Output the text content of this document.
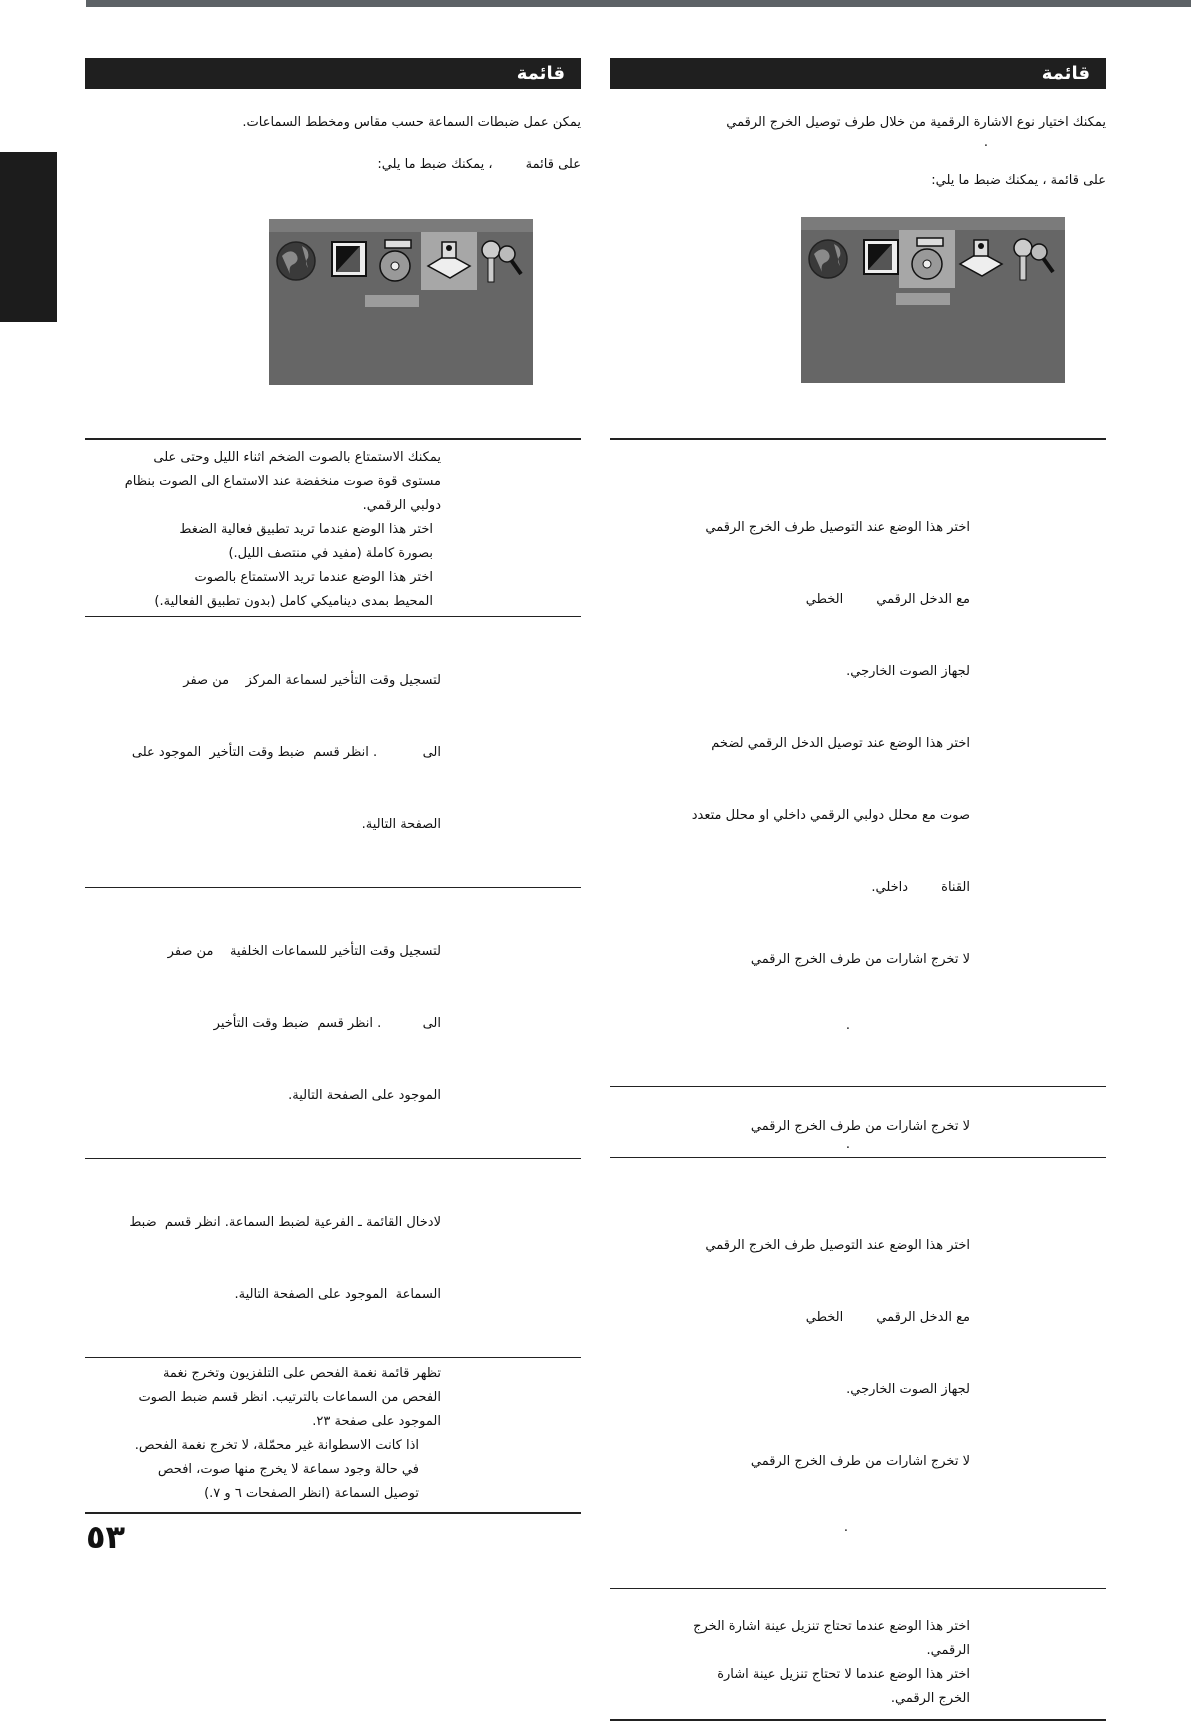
قائمة
يمكن عمل ضبطات السماعة حسب مقاس ومخطط السماعات.
على قائمة        ، يمكنك ضبط ما يلي:
قائمة
يمكنك اختيار نوع الاشارة الرقمية من خلال طرف توصيل الخرج الرقمي
.
على قائمة ، يمكنك ضبط ما يلي:

يمكنك الاستمتاع بالصوت الضخم اثناء الليل وحتى على

مستوى قوة صوت منخفضة عند الاستماع الى الصوت بنظام

دولبي الرقمي.

اختر هذا الوضع عندما تريد تطبيق فعالية الضغط

بصورة كاملة (مفيد في منتصف الليل.)

اختر هذا الوضع عندما تريد الاستمتاع بالصوت

المحيط بمدى ديناميكي كامل (بدون تطبيق الفعالية.)

لتسجيل وقت التأخير لسماعة المركز    من صفر

الى           . انظر قسم  ضبط وقت التأخير  الموجود على

الصفحة التالية.

لتسجيل وقت التأخير للسماعات الخلفية    من صفر

الى          . انظر قسم  ضبط وقت التأخير

الموجود على الصفحة التالية.

لادخال القائمة ـ الفرعية لضبط السماعة. انظر قسم  ضبط

السماعة  الموجود على الصفحة التالية.

تظهر قائمة نغمة الفحص على التلفزيون وتخرج نغمة

الفحص من السماعات بالترتيب. انظر قسم ضبط الصوت

الموجود على صفحة ٢٣.

اذا كانت الاسطوانة غير محمّلة، لا تخرج نغمة الفحص.

في حالة وجود سماعة لا يخرج منها صوت، افحص

توصيل السماعة (انظر الصفحات ٦ و ٧.)

اختر هذا الوضع عند التوصيل طرف الخرج الرقمي

مع الدخل الرقمي        الخطي

لجهاز الصوت الخارجي.

اختر هذا الوضع عند توصيل الدخل الرقمي لضخم

صوت مع محلل دولبي الرقمي داخلي او محلل متعدد

القناة        داخلي.

لا تخرج اشارات من طرف الخرج الرقمي

.

لا تخرج اشارات من طرف الخرج الرقمي

.

اختر هذا الوضع عند التوصيل طرف الخرج الرقمي

مع الدخل الرقمي        الخطي

لجهاز الصوت الخارجي.

لا تخرج اشارات من طرف الخرج الرقمي

.

اختر هذا الوضع عندما تحتاج تنزيل عينة اشارة الخرج

الرقمي.

اختر هذا الوضع عندما لا تحتاج تنزيل عينة اشارة

الخرج الرقمي.

٥٣
